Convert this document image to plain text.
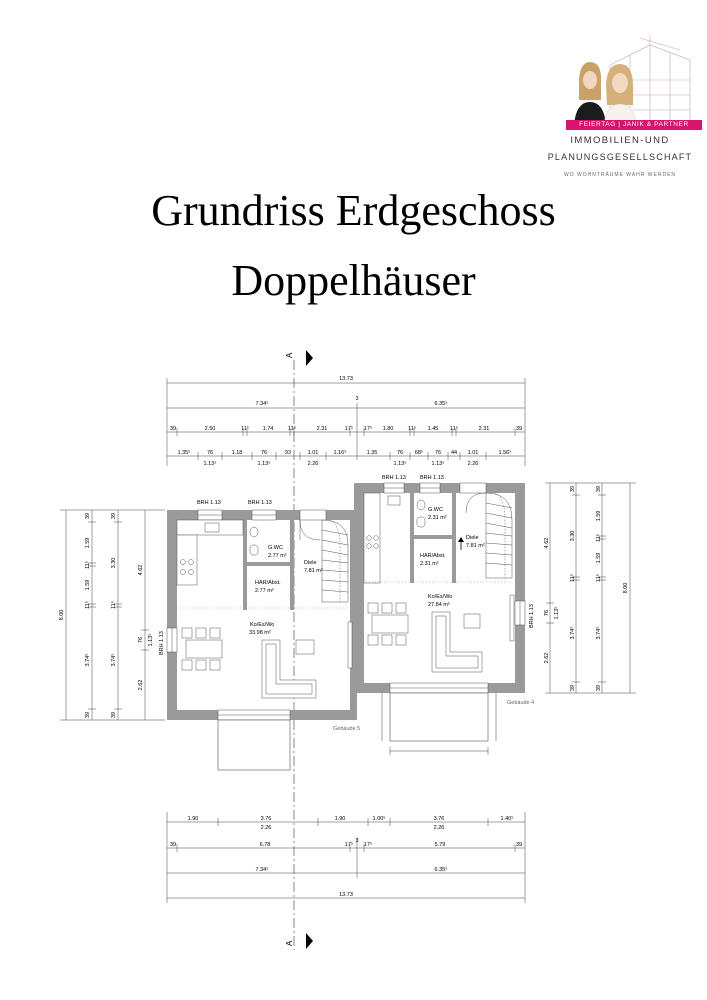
FEIERTAG | JANIK & PARTNER
IMMOBILIEN-UND
PLANUNGSGESELLSCHAFT
WO WOHNTRÄUME WAHR WERDEN
Grundriss Erdgeschoss
Doppelhäuser
A
A
13.73
7.34⁵	6.35⁵
3
39	2.50	11⁵ 1.74	11⁵	2.31	17⁵ 17⁵ 1.80	11⁵ 1.45 11⁵	2.31	39
1.35⁵	76	1.18	76	93	1.01	1.16⁵	1.35	76 68⁵ 76 44 1.01	1.56⁵
1.13⁵	1.13⁵	2.26	1.13⁵	1.13⁵	2.26
8.00
39
1.59
11⁵
1.59
11⁵
3.74⁵
39
39
3.30
11⁵
3.74⁵
39
4.62
76 1.13⁵
2.62
4.62
76 1.13⁵
2.62
39
3.30
11⁵
3.74⁵
39
39
1.59
11⁵
1.59
11⁵
3.74⁵
39
8.00
BRH 1.13	BRH 1.13
BRH 1.13
G.WC
2.77 m²
HAR/Abst.
2.77 m²
Diele
7.81 m²
Ko/Es/Wo
33.98 m²
Gebäude 5
BRH 1.13	BRH 1.13
BRH 1.13
G.WC
2.31 m²
HAR/Abst.
2.31 m²
Diele
7.81 m²
Ko/Es/Wo
27.84 m²
Gebäude 4
1.90	3.76	1.90	1.00⁵	3.76	1.40⁵
2.26	2.26
3
39	6.78	17⁵ 17⁵	5.79	39
7.34⁵	6.35⁵
13.73
